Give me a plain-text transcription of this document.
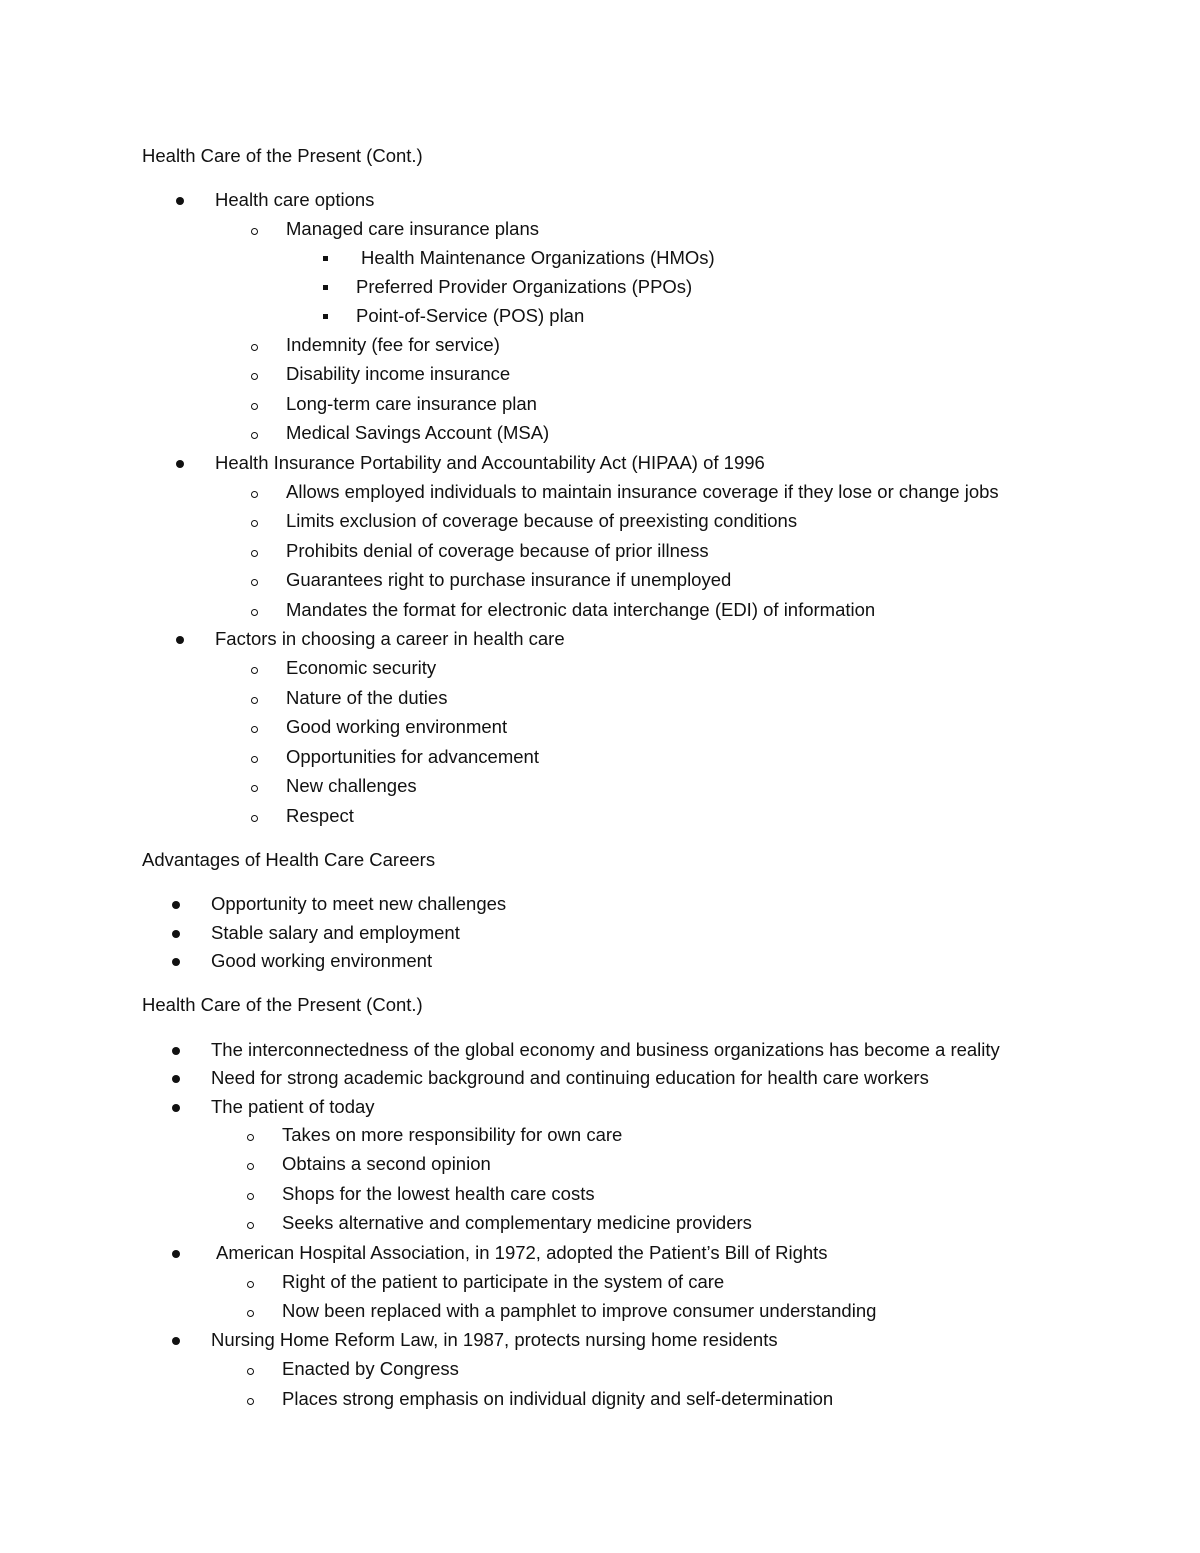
Health Care of the Present (Cont.)
Health care options
Managed care insurance plans
Health Maintenance Organizations (HMOs)
Preferred Provider Organizations (PPOs)
Point-of-Service (POS) plan
Indemnity (fee for service)
Disability income insurance
Long-term care insurance plan
Medical Savings Account (MSA)
Health Insurance Portability and Accountability Act (HIPAA) of 1996
Allows employed individuals to maintain insurance coverage if they lose or change jobs
Limits exclusion of coverage because of preexisting conditions
Prohibits denial of coverage because of prior illness
Guarantees right to purchase insurance if unemployed
Mandates the format for electronic data interchange (EDI) of information
Factors in choosing a career in health care
Economic security
Nature of the duties
Good working environment
Opportunities for advancement
New challenges
Respect
Advantages of Health Care Careers
Opportunity to meet new challenges
Stable salary and employment
Good working environment
Health Care of the Present (Cont.)
The interconnectedness of the global economy and business organizations has become a reality
Need for strong academic background and continuing education for health care workers
The patient of today
Takes on more responsibility for own care
Obtains a second opinion
Shops for the lowest health care costs
Seeks alternative and complementary medicine providers
American Hospital Association, in 1972, adopted the Patient’s Bill of Rights
Right of the patient to participate in the system of care
Now been replaced with a pamphlet to improve consumer understanding
Nursing Home Reform Law, in 1987, protects nursing home residents
Enacted by Congress
Places strong emphasis on individual dignity and self-determination
